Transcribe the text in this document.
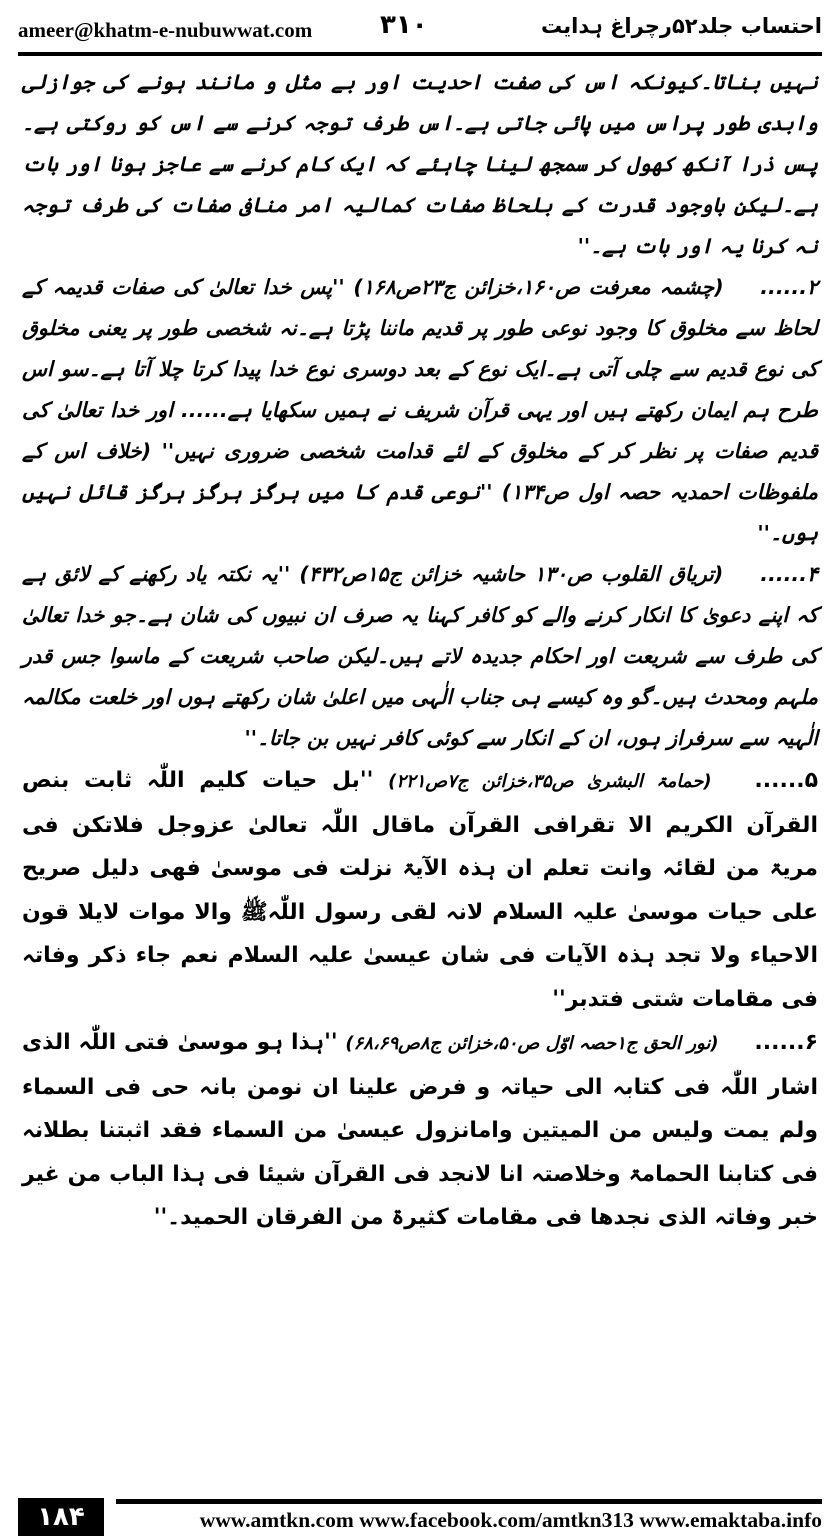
ameer@khatm-e-nubuwwat.com	۳۱۰	احتساب جلد۵۲رچراغ ہدایت

نہیں بناتا۔کیونکہ اس کی صفت احدیت اور بے مثل و مانند ہونے کی جوازلی وابدی طور پراس میں پائی جاتی ہے۔اس طرف توجہ کرنے سے اس کو روکتی ہے۔پس ذرا آنکھ کھول کر سمجھ لینا چاہئے کہ ایک کام کرنے سے عاجز ہونا اور بات ہے۔لیکن باوجود قدرت کے بلحاظ صفات کمالیہ امر منافی صفات کی طرف توجہ نہ کرنا یہ اور بات ہے۔''

۲...... (چشمہ معرفت ص۱۶۰،خزائن ج۲۳ص۱۶۸) ''پس خدا تعالیٰ کی صفات قدیمہ کے لحاظ سے مخلوق کا وجود نوعی طور پر قدیم ماننا پڑتا ہے۔نہ شخصی طور پر یعنی مخلوق کی نوع قدیم سے چلی آتی ہے۔ایک نوع کے بعد دوسری نوع خدا پیدا کرتا چلا آتا ہے۔سو اس طرح ہم ایمان رکھتے ہیں اور یہی قرآن شریف نے ہمیں سکھایا ہے...... اور خدا تعالیٰ کی قدیم صفات پر نظر کر کے مخلوق کے لئے قدامت شخصی ضروری نہیں'' (خلاف اس کے ملفوظات احمدیہ حصہ اول ص۱۳۴) ''نوعی قدم کا میں ہرگز ہرگز ہرگز قائل نہیں ہوں۔''

۴...... (تریاق القلوب ص۱۳۰ حاشیہ خزائن ج۱۵ص۴۳۲) ''یہ نکتہ یاد رکھنے کے لائق ہے کہ اپنے دعویٰ کا انکار کرنے والے کو کافر کہنا یہ صرف ان نبیوں کی شان ہے۔جو خدا تعالیٰ کی طرف سے شریعت اور احکام جدیدہ لاتے ہیں۔لیکن صاحب شریعت کے ماسوا جس قدر ملہم ومحدث ہیں۔گو وہ کیسے ہی جناب الٰہی میں اعلیٰ شان رکھتے ہوں اور خلعت مکالمہ الٰہیہ سے سرفراز ہوں، ان کے انکار سے کوئی کافر نہیں بن جاتا۔''

۵...... (حمامۃ البشریٰ ص۳۵،خزائن ج۷ص۲۲۱) ''بل حیات کلیم اللّٰہ ثابت بنص القرآن الکریم الا تقرافی القرآن ماقال اللّٰہ تعالیٰ عزوجل فلاتکن فی مریۃ من لقائہ وانت تعلم ان ہذہ الآیۃ نزلت فی موسیٰ فھی دلیل صریح علی حیات موسیٰ علیہ السلام لانہ لقی رسول اللّٰہﷺ والا موات لایلا قون الاحیاء ولا تجد ہذہ الآیات فی شان عیسیٰ علیہ السلام نعم جاء ذکر وفاتہ فی مقامات شتی فتدبر''

۶...... (نور الحق ج۱حصہ اوّل ص۵۰،خزائن ج۸ص۶۸،۶۹) ''ہذا ہو موسیٰ فتی اللّٰہ الذی اشار اللّٰہ فی کتابہ الی حیاتہ و فرض علینا ان نومن بانہ حی فی السماء ولم یمت ولیس من المیتین وامانزول عیسیٰ من السماء فقد اثبتنا بطلانہ فی کتابنا الحمامۃ وخلاصتہ انا لانجد فی القرآن شیئا فی ہذا الباب من غیر خبر وفاتہ الذی نجدھا فی مقامات کثیرۃ من الفرقان الحمید۔''

۱۸۴	www.amtkn.com www.facebook.com/amtkn313 www.emaktaba.info
